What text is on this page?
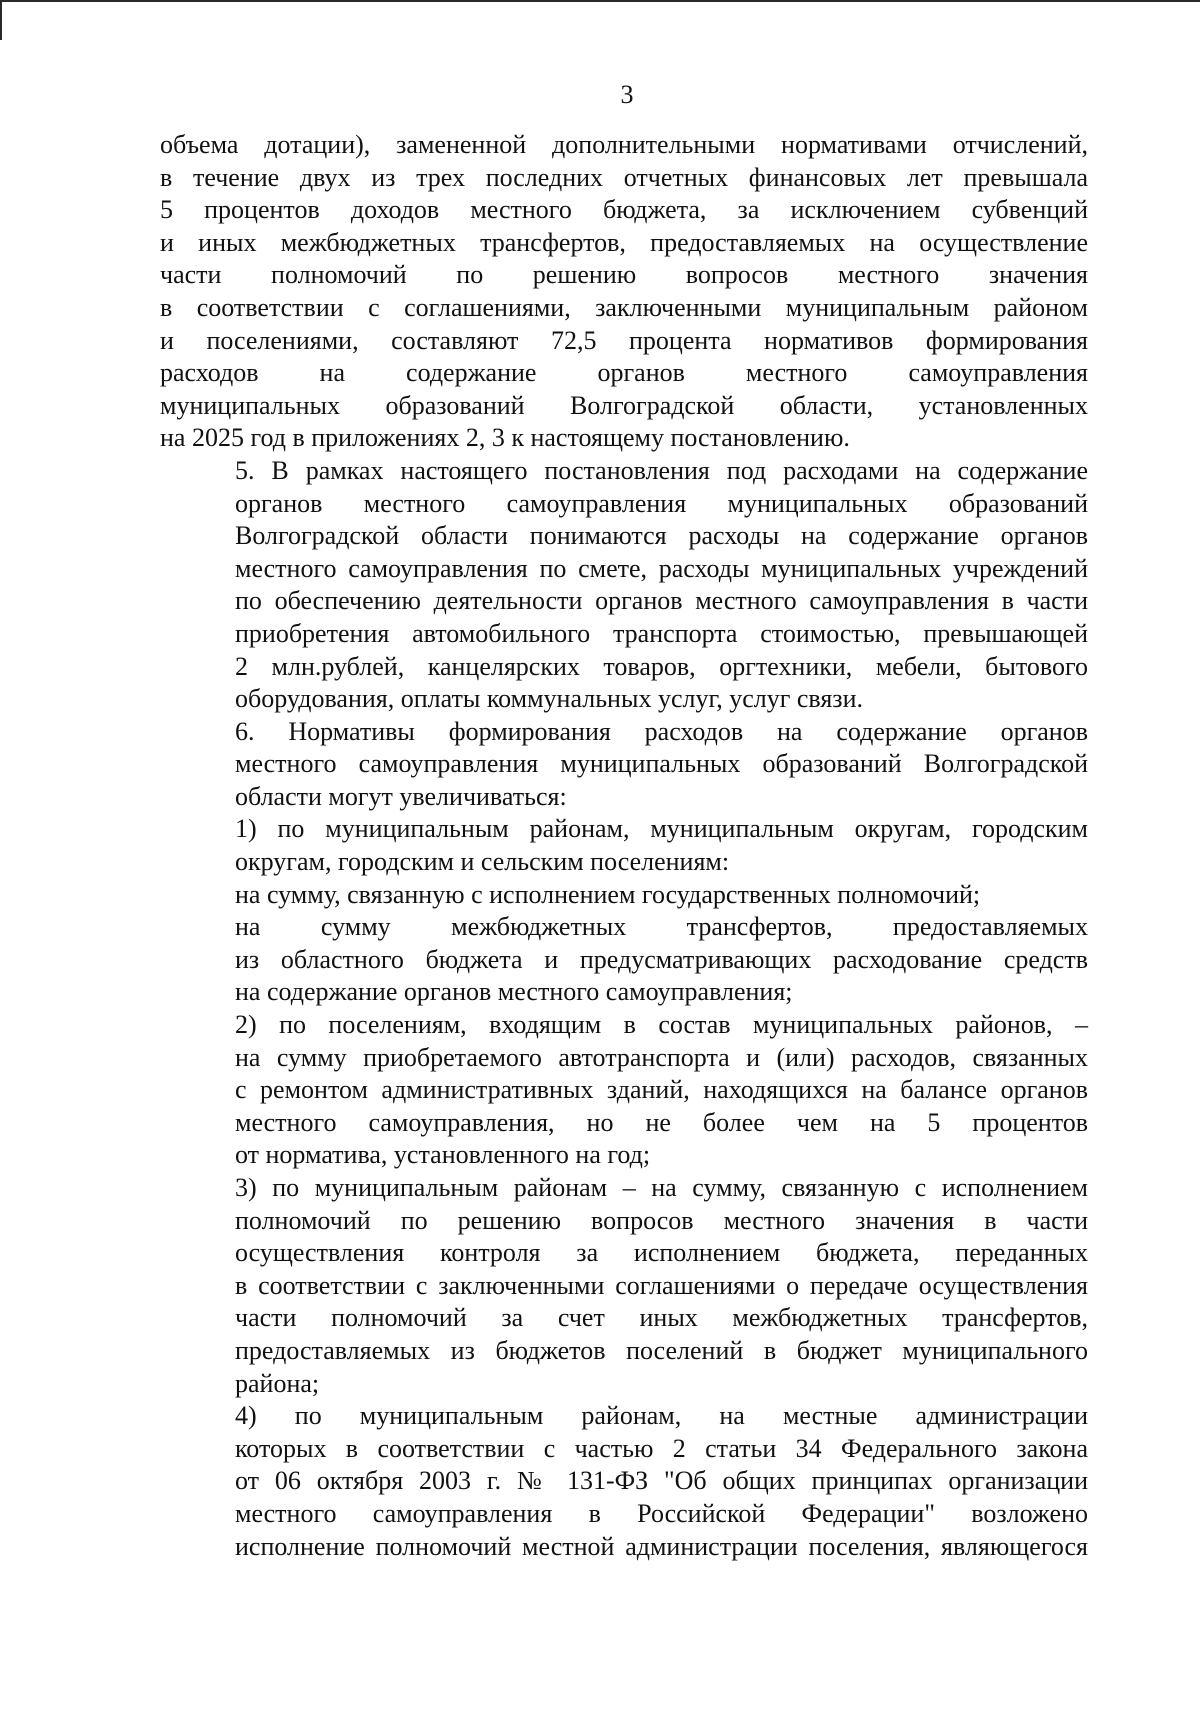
3

объема дотации), замененной дополнительными нормативами отчислений,
в течение двух из трех последних отчетных финансовых лет превышала
5 процентов доходов местного бюджета, за исключением субвенций
и иных межбюджетных трансфертов, предоставляемых на осуществление
части полномочий по решению вопросов местного значения
в соответствии с соглашениями, заключенными муниципальным районом
и поселениями, составляют 72,5 процента нормативов формирования
расходов на содержание органов местного самоуправления
муниципальных образований Волгоградской области, установленных
на 2025 год в приложениях 2, 3 к настоящему постановлению.

5. В рамках настоящего постановления под расходами на содержание
органов местного самоуправления муниципальных образований
Волгоградской области понимаются расходы на содержание органов
местного самоуправления по смете, расходы муниципальных учреждений
по обеспечению деятельности органов местного самоуправления в части
приобретения автомобильного транспорта стоимостью, превышающей
2 млн.рублей, канцелярских товаров, оргтехники, мебели, бытового
оборудования, оплаты коммунальных услуг, услуг связи.

6. Нормативы формирования расходов на содержание органов
местного самоуправления муниципальных образований Волгоградской
области могут увеличиваться:

1) по муниципальным районам, муниципальным округам, городским
округам, городским и сельским поселениям:

на сумму, связанную с исполнением государственных полномочий;

на сумму межбюджетных трансфертов, предоставляемых
из областного бюджета и предусматривающих расходование средств
на содержание органов местного самоуправления;

2) по поселениям, входящим в состав муниципальных районов, –
на сумму приобретаемого автотранспорта и (или) расходов, связанных
с ремонтом административных зданий, находящихся на балансе органов
местного самоуправления, но не более чем на 5 процентов
от норматива, установленного на год;

3) по муниципальным районам – на сумму, связанную с исполнением
полномочий по решению вопросов местного значения в части
осуществления контроля за исполнением бюджета, переданных
в соответствии с заключенными соглашениями о передаче осуществления
части полномочий за счет иных межбюджетных трансфертов,
предоставляемых из бюджетов поселений в бюджет муниципального
района;

4) по муниципальным районам, на местные администрации
которых в соответствии с частью 2 статьи 34 Федерального закона
от 06 октября 2003 г. № 131-ФЗ "Об общих принципах организации
местного самоуправления в Российской Федерации" возложено
исполнение полномочий местной администрации поселения, являющегося
